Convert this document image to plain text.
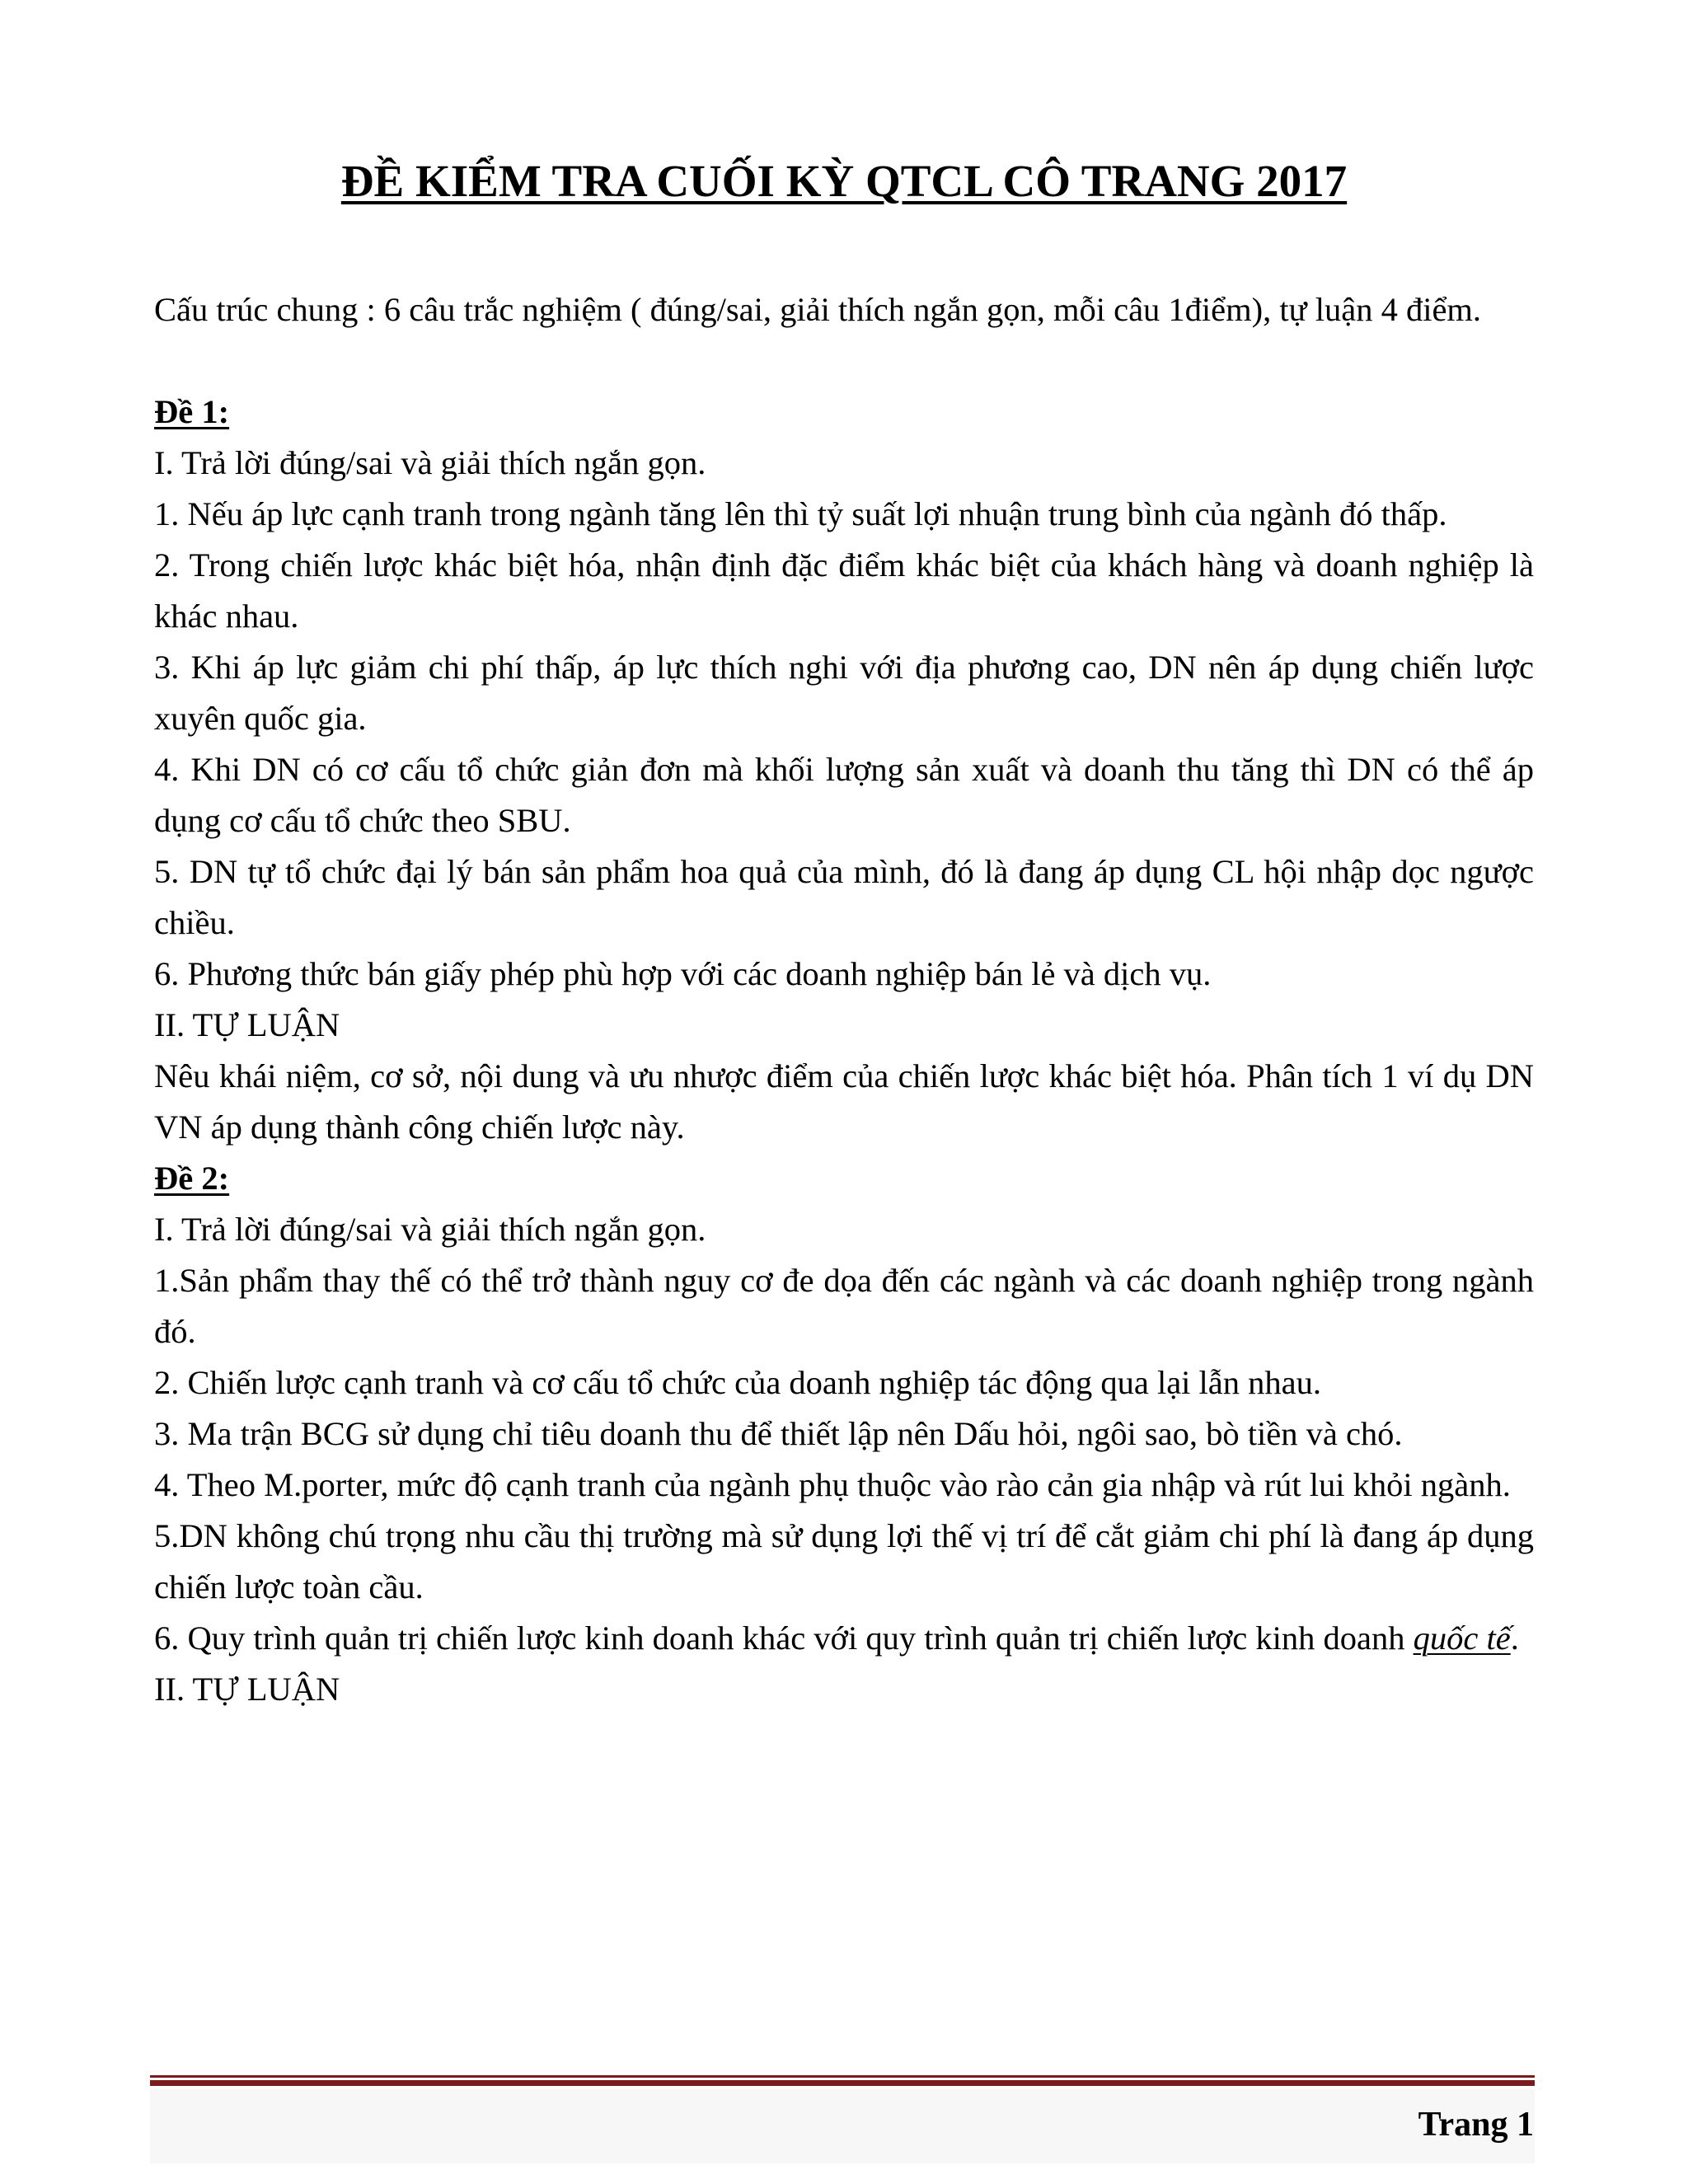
ĐỀ KIỂM TRA CUỐI KỲ QTCL CÔ TRANG 2017

Cấu trúc chung : 6 câu trắc nghiệm ( đúng/sai, giải thích ngắn gọn, mỗi câu 1điểm), tự luận 4 điểm.

Đề 1:

I. Trả lời đúng/sai và giải thích ngắn gọn.

1. Nếu áp lực cạnh tranh trong ngành tăng lên thì tỷ suất lợi nhuận trung bình của ngành đó thấp.

2. Trong chiến lược khác biệt hóa, nhận định đặc điểm khác biệt của khách hàng và doanh nghiệp là khác nhau.

3. Khi áp lực giảm chi phí thấp, áp lực thích nghi với địa phương cao, DN nên áp dụng chiến lược xuyên quốc gia.

4. Khi DN có cơ cấu tổ chức giản đơn mà khối lượng sản xuất và doanh thu tăng thì DN có thể áp dụng cơ cấu tổ chức theo SBU.

5. DN tự tổ chức đại lý bán sản phẩm hoa quả của mình, đó là đang áp dụng CL hội nhập dọc ngược chiều.

6. Phương thức bán giấy phép phù hợp với các doanh nghiệp bán lẻ và dịch vụ.

II. TỰ LUẬN

Nêu khái niệm, cơ sở, nội dung và ưu nhược điểm của chiến lược khác biệt hóa. Phân tích 1 ví dụ DN VN áp dụng thành công chiến lược này.

Đề 2:

I. Trả lời đúng/sai và giải thích ngắn gọn.

1.Sản phẩm thay thế có thể trở thành nguy cơ đe dọa đến các ngành và các doanh nghiệp trong ngành đó.

2. Chiến lược cạnh tranh và cơ cấu tổ chức của doanh nghiệp tác động qua lại lẫn nhau.

3. Ma trận BCG sử dụng chỉ tiêu doanh thu để thiết lập nên Dấu hỏi, ngôi sao, bò tiền và chó.

4. Theo M.porter, mức độ cạnh tranh của ngành phụ thuộc vào rào cản gia nhập và rút lui khỏi ngành.

5.DN không chú trọng nhu cầu thị trường mà sử dụng lợi thế vị trí để cắt giảm chi phí là đang áp dụng chiến lược toàn cầu.

6. Quy trình quản trị chiến lược kinh doanh khác với quy trình quản trị chiến lược kinh doanh quốc tế.

II. TỰ LUẬN

Trang 1
